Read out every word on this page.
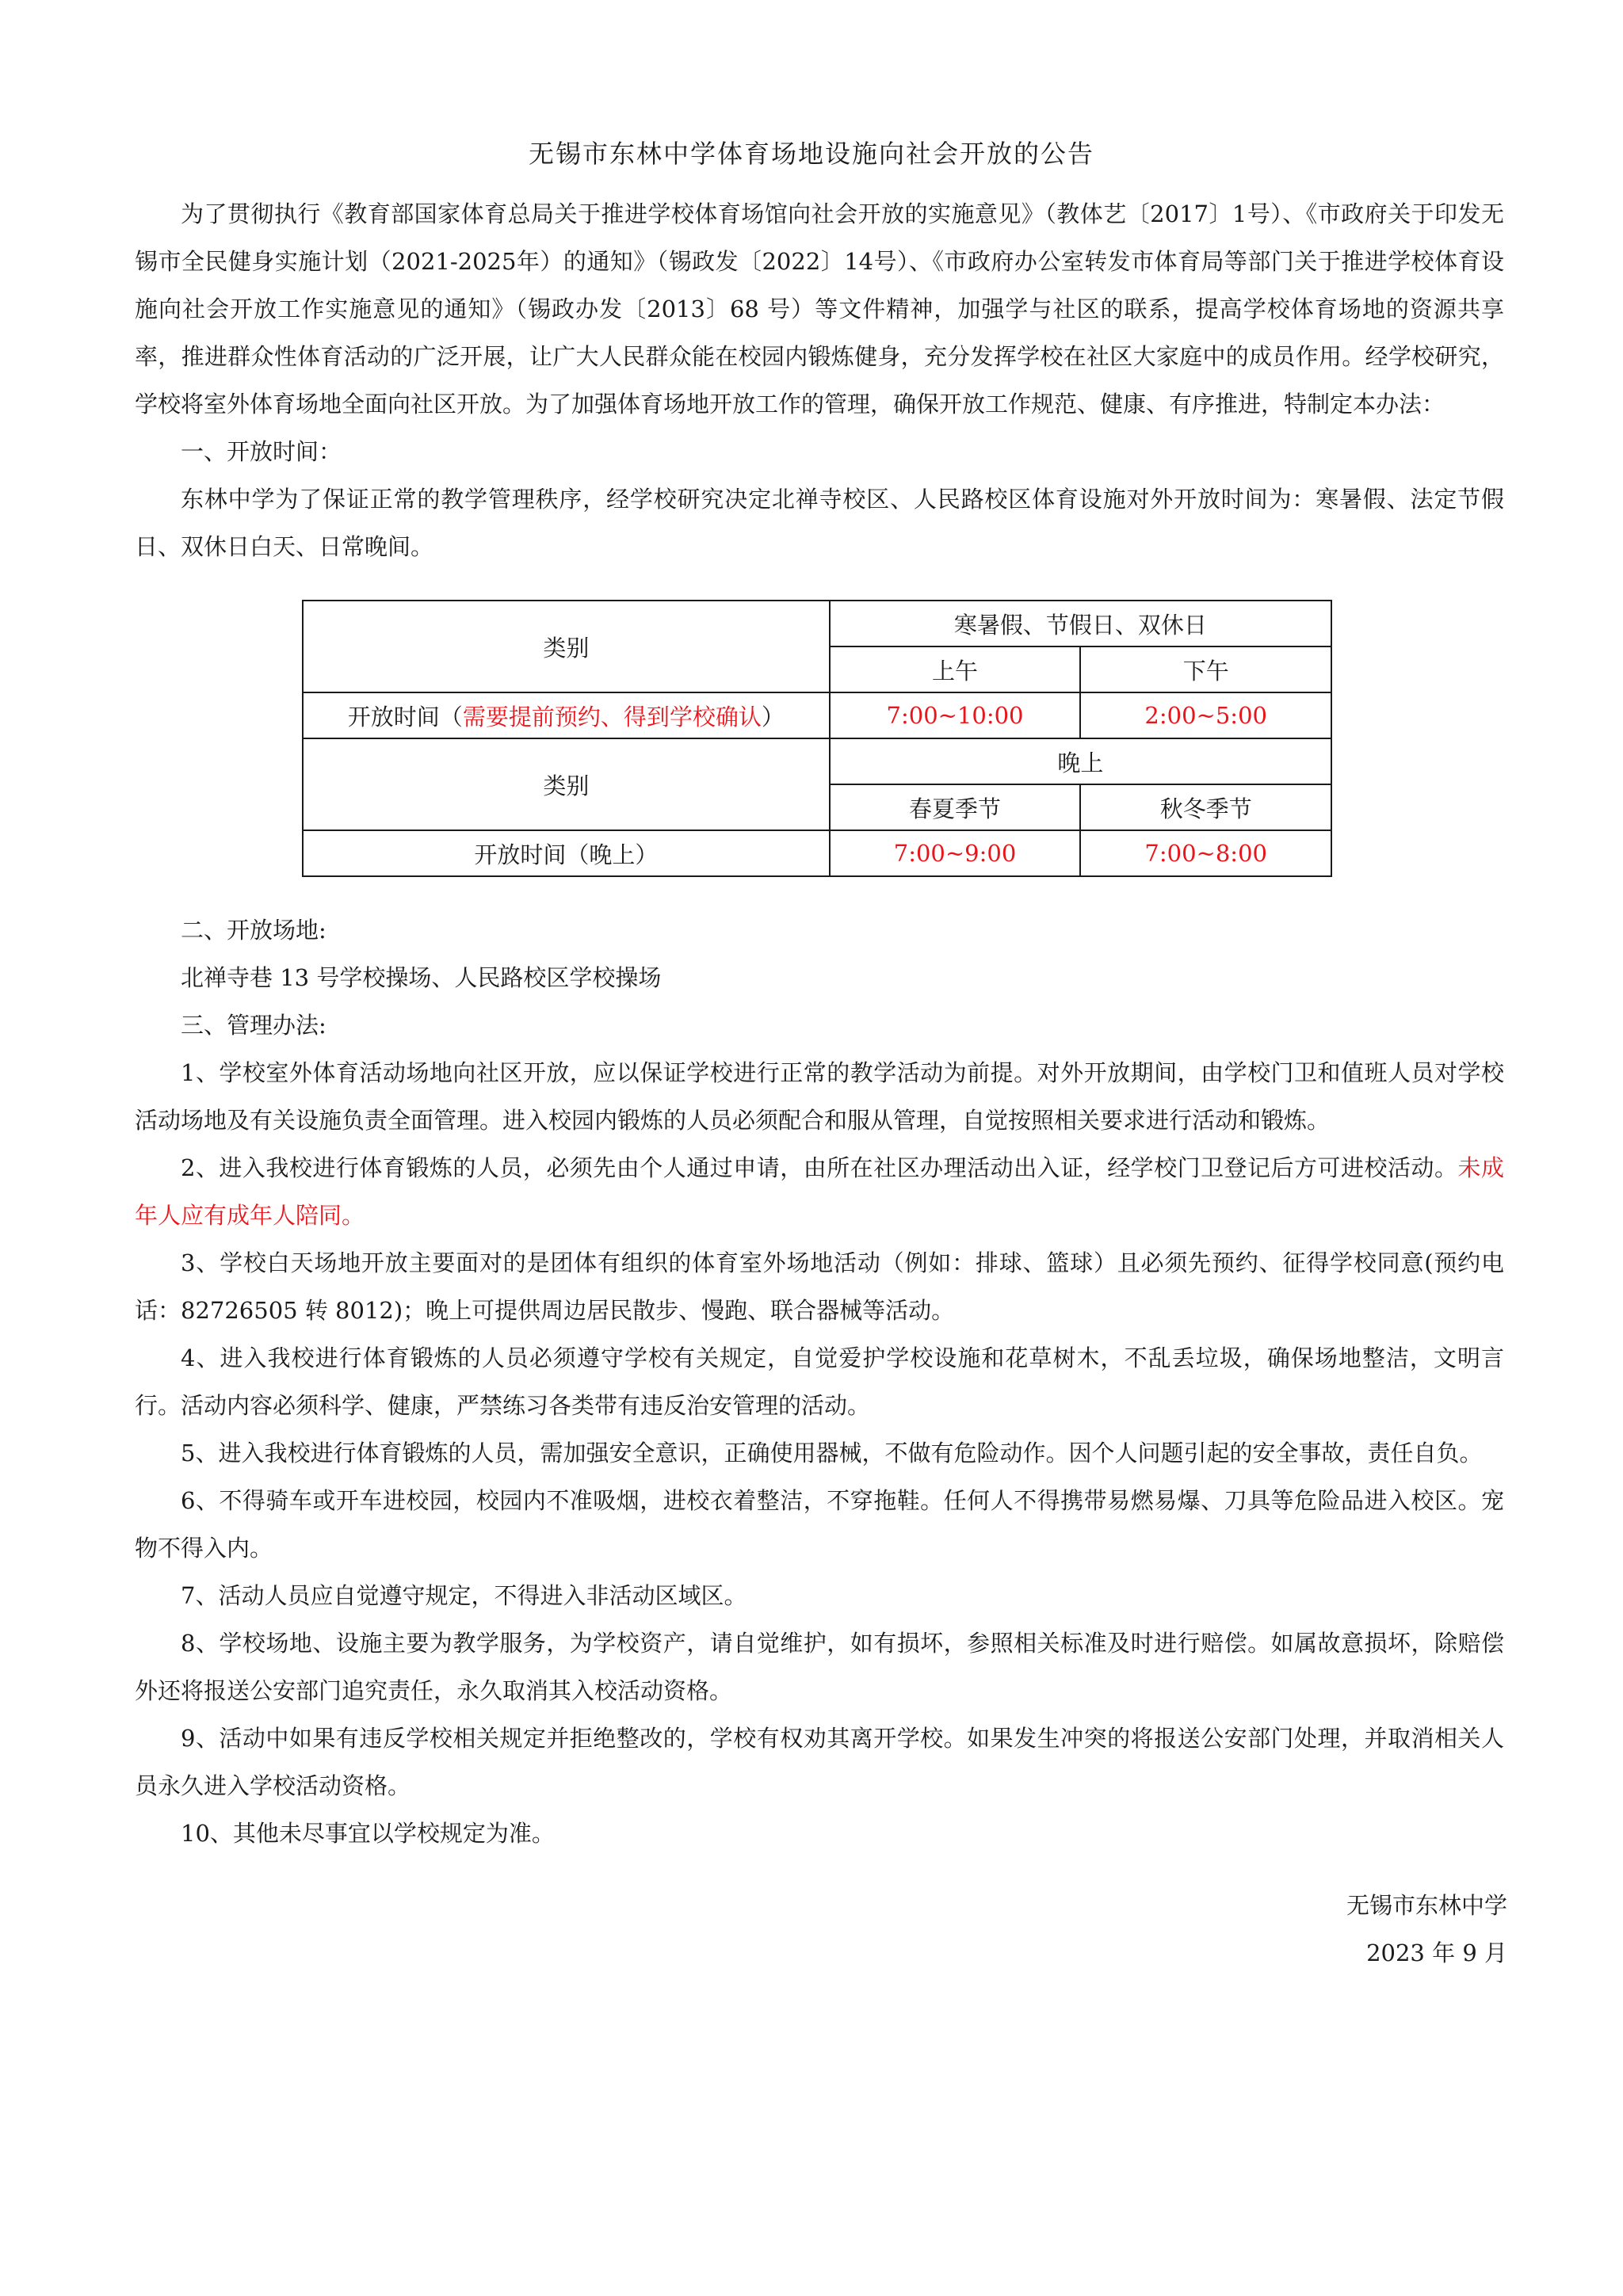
无锡市东林中学体育场地设施向社会开放的公告

为了贯彻执行《教育部国家体育总局关于推进学校体育场馆向社会开放的实施意见》（教体艺〔2017〕1号）、《市政府关于印发无锡市全民健身实施计划（2021-2025年）的通知》（锡政发〔2022〕14号）、《市政府办公室转发市体育局等部门关于推进学校体育设施向社会开放工作实施意见的通知》（锡政办发〔2013〕68 号）等文件精神，加强学与社区的联系，提高学校体育场地的资源共享率，推进群众性体育活动的广泛开展，让广大人民群众能在校园内锻炼健身，充分发挥学校在社区大家庭中的成员作用。经学校研究，学校将室外体育场地全面向社区开放。为了加强体育场地开放工作的管理，确保开放工作规范、健康、有序推进，特制定本办法：

一、开放时间：

东林中学为了保证正常的教学管理秩序，经学校研究决定北禅寺校区、人民路校区体育设施对外开放时间为：寒暑假、法定节假日、双休日白天、日常晚间。

类别	寒暑假、节假日、双休日	
	上午	下午
开放时间（需要提前预约、得到学校确认）	7:00~10:00	2:00~5:00
类别	晚上	
	春夏季节	秋冬季节
开放时间（晚上）	7:00~9:00	7:00~8:00

二、开放场地:

北禅寺巷 13 号学校操场、人民路校区学校操场

三、管理办法:

1、学校室外体育活动场地向社区开放，应以保证学校进行正常的教学活动为前提。对外开放期间，由学校门卫和值班人员对学校活动场地及有关设施负责全面管理。进入校园内锻炼的人员必须配合和服从管理，自觉按照相关要求进行活动和锻炼。

2、进入我校进行体育锻炼的人员，必须先由个人通过申请，由所在社区办理活动出入证，经学校门卫登记后方可进校活动。未成年人应有成年人陪同。

3、学校白天场地开放主要面对的是团体有组织的体育室外场地活动（例如：排球、篮球）且必须先预约、征得学校同意(预约电话：82726505 转 8012)；晚上可提供周边居民散步、慢跑、联合器械等活动。

4、进入我校进行体育锻炼的人员必须遵守学校有关规定，自觉爱护学校设施和花草树木，不乱丢垃圾，确保场地整洁，文明言行。活动内容必须科学、健康，严禁练习各类带有违反治安管理的活动。

5、进入我校进行体育锻炼的人员，需加强安全意识，正确使用器械，不做有危险动作。因个人问题引起的安全事故，责任自负。

6、不得骑车或开车进校园，校园内不准吸烟，进校衣着整洁，不穿拖鞋。任何人不得携带易燃易爆、刀具等危险品进入校区。宠物不得入内。

7、活动人员应自觉遵守规定，不得进入非活动区域区。

8、学校场地、设施主要为教学服务，为学校资产，请自觉维护，如有损坏，参照相关标准及时进行赔偿。如属故意损坏，除赔偿外还将报送公安部门追究责任，永久取消其入校活动资格。

9、活动中如果有违反学校相关规定并拒绝整改的，学校有权劝其离开学校。如果发生冲突的将报送公安部门处理，并取消相关人员永久进入学校活动资格。

10、其他未尽事宜以学校规定为准。

无锡市东林中学
2023 年 9 月
